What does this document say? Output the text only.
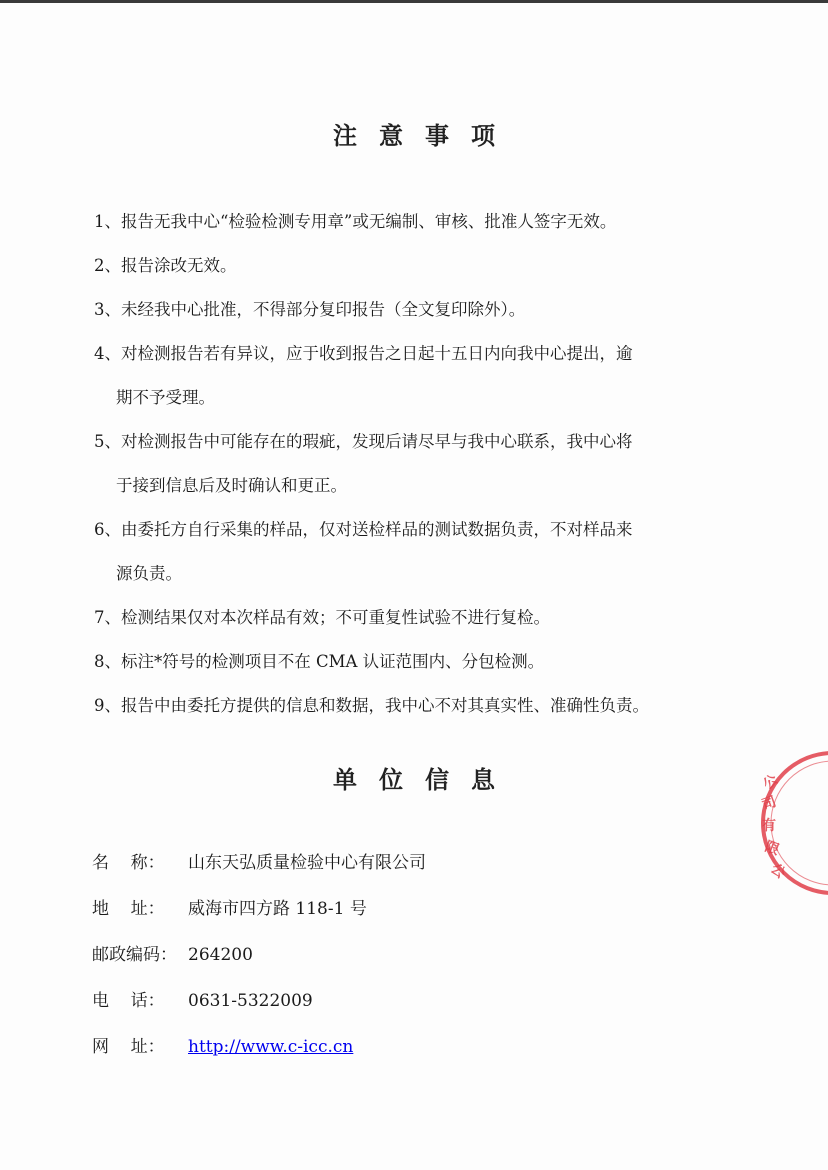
注意事项
1、报告无我中心“检验检测专用章”或无编制、审核、批准人签字无效。
2、报告涂改无效。
3、未经我中心批准，不得部分复印报告（全文复印除外）。
4、对检测报告若有异议，应于收到报告之日起十五日内向我中心提出，逾
期不予受理。
5、对检测报告中可能存在的瑕疵，发现后请尽早与我中心联系，我中心将
于接到信息后及时确认和更正。
6、由委托方自行采集的样品，仅对送检样品的测试数据负责，不对样品来
源负责。
7、检测结果仅对本次样品有效；不可重复性试验不进行复检。
8、标注*符号的检测项目不在 CMA 认证范围内、分包检测。
9、报告中由委托方提供的信息和数据，我中心不对其真实性、准确性负责。
单位信息
名    称：	山东天弘质量检验中心有限公司
地    址：	威海市四方路 118-1 号
邮政编码： 264200
电    话：	0631-5322009
网    址：	http://www.c-icc.cn
公
司
有
限
公
